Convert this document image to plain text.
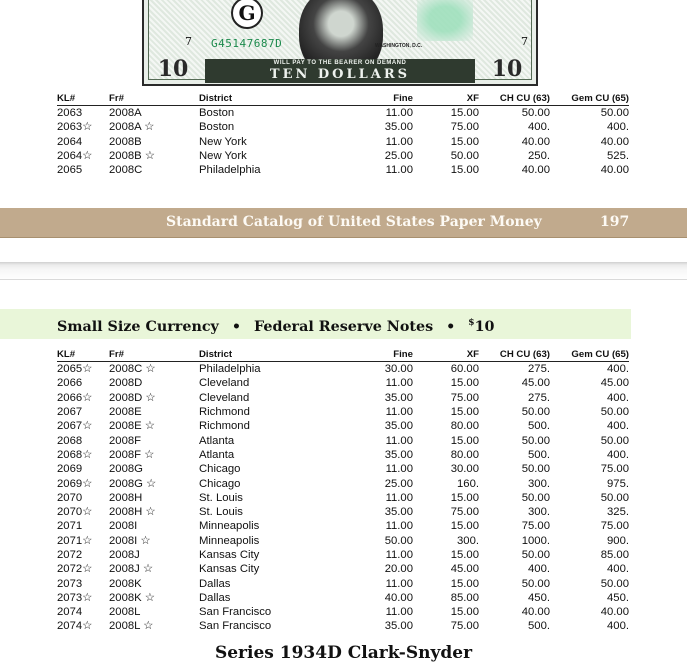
G
7	7
G45147687D	WASHINGTON, D.C.
10	10
WILL PAY TO THE BEARER ON DEMAND
TEN DOLLARS
KL#	Fr#	District	Fine	XF	CH CU (63)	Gem CU (65)
2063	2008A	Boston	11.00	15.00	50.00	50.00
2063☆	2008A ☆	Boston	35.00	75.00	400.	400.
2064	2008B	New York	11.00	15.00	40.00	40.00
2064☆	2008B ☆	New York	25.00	50.00	250.	525.
2065	2008C	Philadelphia	11.00	15.00	40.00	40.00
Standard Catalog of United States Paper Money	197
Small Size Currency • Federal Reserve Notes • $10
KL#	Fr#	District	Fine	XF	CH CU (63)	Gem CU (65)
2065☆	2008C ☆	Philadelphia	30.00	60.00	275.	400.
2066	2008D	Cleveland	11.00	15.00	45.00	45.00
2066☆	2008D ☆	Cleveland	35.00	75.00	275.	400.
2067	2008E	Richmond	11.00	15.00	50.00	50.00
2067☆	2008E ☆	Richmond	35.00	80.00	500.	400.
2068	2008F	Atlanta	11.00	15.00	50.00	50.00
2068☆	2008F ☆	Atlanta	35.00	80.00	500.	400.
2069	2008G	Chicago	11.00	30.00	50.00	75.00
2069☆	2008G ☆	Chicago	25.00	160.	300.	975.
2070	2008H	St. Louis	11.00	15.00	50.00	50.00
2070☆	2008H ☆	St. Louis	35.00	75.00	300.	325.
2071	2008I	Minneapolis	11.00	15.00	75.00	75.00
2071☆	2008I ☆	Minneapolis	50.00	300.	1000.	900.
2072	2008J	Kansas City	11.00	15.00	50.00	85.00
2072☆	2008J ☆	Kansas City	20.00	45.00	400.	400.
2073	2008K	Dallas	11.00	15.00	50.00	50.00
2073☆	2008K ☆	Dallas	40.00	85.00	450.	450.
2074	2008L	San Francisco	11.00	15.00	40.00	40.00
2074☆	2008L ☆	San Francisco	35.00	75.00	500.	400.
Series 1934D Clark-Snyder
